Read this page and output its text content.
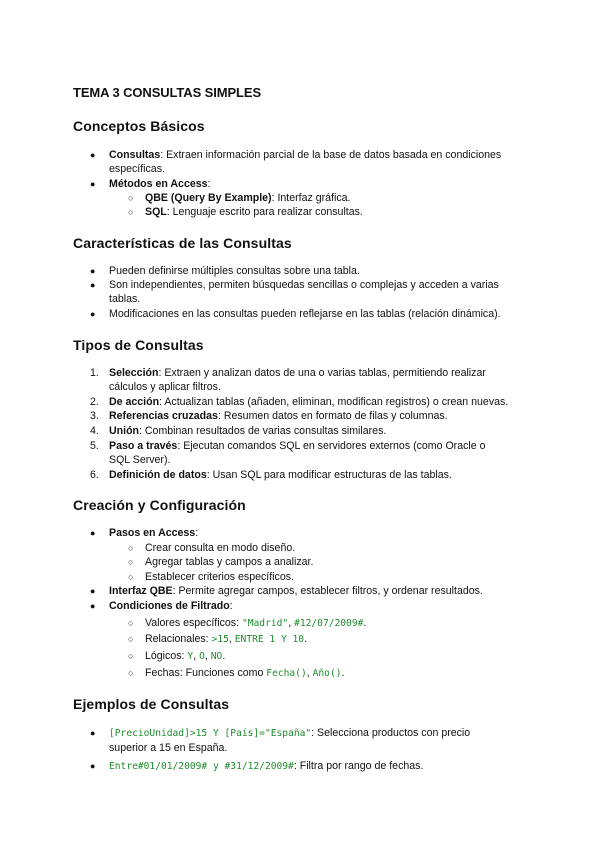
TEMA 3 CONSULTAS SIMPLES
Conceptos Básicos
● Consultas: Extraen información parcial de la base de datos basada en condiciones
específicas.
● Métodos en Access:
○ QBE (Query By Example): Interfaz gráfica.
○ SQL: Lenguaje escrito para realizar consultas.
Características de las Consultas
● Pueden definirse múltiples consultas sobre una tabla.
● Son independientes, permiten búsquedas sencillas o complejas y acceden a varias
tablas.
● Modificaciones en las consultas pueden reflejarse en las tablas (relación dinámica).
Tipos de Consultas
1. Selección: Extraen y analizan datos de una o varias tablas, permitiendo realizar
cálculos y aplicar filtros.
2. De acción: Actualizan tablas (añaden, eliminan, modifican registros) o crean nuevas.
3. Referencias cruzadas: Resumen datos en formato de filas y columnas.
4. Unión: Combinan resultados de varias consultas similares.
5. Paso a través: Ejecutan comandos SQL en servidores externos (como Oracle o
SQL Server).
6. Definición de datos: Usan SQL para modificar estructuras de las tablas.
Creación y Configuración
● Pasos en Access:
○ Crear consulta en modo diseño.
○ Agregar tablas y campos a analizar.
○ Establecer criterios específicos.
● Interfaz QBE: Permite agregar campos, establecer filtros, y ordenar resultados.
● Condiciones de Filtrado:
○ Valores específicos: "Madrid", #12/07/2009#.
○ Relacionales: >15, ENTRE 1 Y 10.
○ Lógicos: Y, O, NO.
○ Fechas: Funciones como Fecha(), Año().
Ejemplos de Consultas
● [PrecioUnidad]>15 Y [País]="España": Selecciona productos con precio
superior a 15 en España.
● Entre#01/01/2009# y #31/12/2009#: Filtra por rango de fechas.
